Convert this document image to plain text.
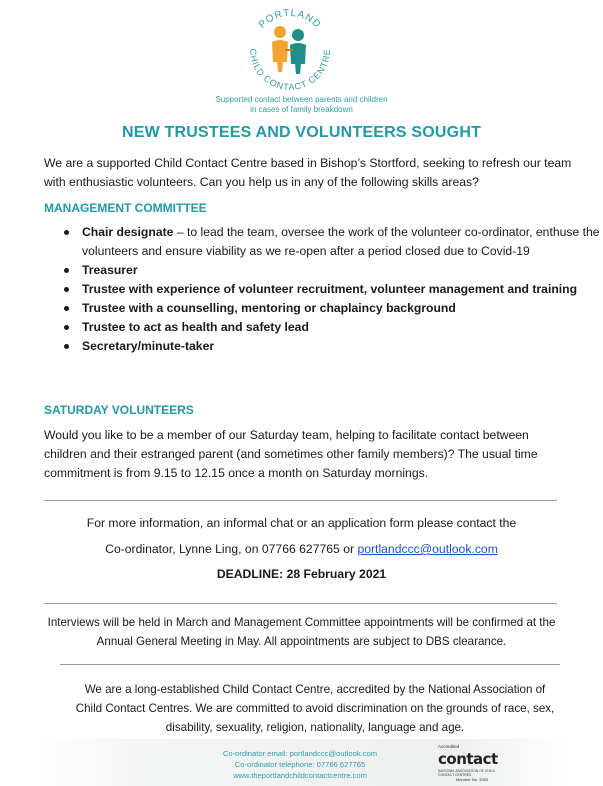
PORTLAND
CHILD CONTACT CENTRE
Supported contact between parents and children
in cases of family breakdown
NEW TRUSTEES AND VOLUNTEERS SOUGHT
We are a supported Child Contact Centre based in Bishop’s Stortford, seeking to refresh our team with enthusiastic volunteers. Can you help us in any of the following skills areas?
MANAGEMENT COMMITTEE
Chair designate – to lead the team, oversee the work of the volunteer co-ordinator, enthuse the volunteers and ensure viability as we re-open after a period closed due to Covid-19
Treasurer
Trustee with experience of volunteer recruitment, volunteer management and training
Trustee with a counselling, mentoring or chaplaincy background
Trustee to act as health and safety lead
Secretary/minute-taker
SATURDAY VOLUNTEERS
Would you like to be a member of our Saturday team, helping to facilitate contact between children and their estranged parent (and sometimes other family members)? The usual time commitment is from 9.15 to 12.15 once a month on Saturday mornings.
For more information, an informal chat or an application form please contact the
Co-ordinator, Lynne Ling, on 07766 627765 or portlandccc@outlook.com
DEADLINE: 28 February 2021
Interviews will be held in March and Management Committee appointments will be confirmed at the Annual General Meeting in May. All appointments are subject to DBS clearance.
We are a long-established Child Contact Centre, accredited by the National Association of Child Contact Centres. We are committed to avoid discrimination on the grounds of race, sex, disability, sexuality, religion, nationality, language and age.
Co-ordinator email: portlandccc@outlook.com
Co-ordinator telephone: 07766 627765
www.theportlandchildcontactcentre.com
Accredited
contact
NATIONAL ASSOCIATION OF CHILD CONTACT CENTRES
Member No. 3353
